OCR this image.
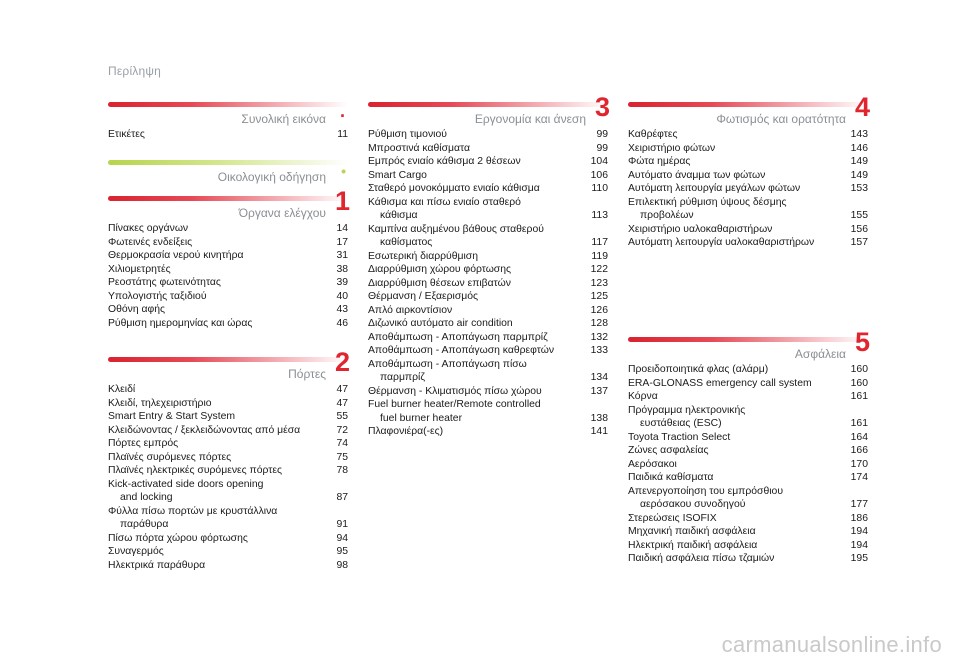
Περίληψη
Συνολική εικόνα .
Ετικέτες	11
Οικολογική οδήγηση •
Όργανα ελέγχου 1
Πίνακες οργάνων	14
Φωτεινές ενδείξεις	17
Θερμοκρασία νερού κινητήρα	31
Χιλιομετρητές	38
Ρεοστάτης φωτεινότητας	39
Υπολογιστής ταξιδιού	40
Οθόνη αφής	43
Ρύθμιση ημερομηνίας και ώρας	46
Πόρτες 2
Κλειδί	47
Κλειδί, τηλεχειριστήριο	47
Smart Entry & Start System	55
Κλειδώνοντας / ξεκλειδώνοντας από μέσα	72
Πόρτες εμπρός	74
Πλαϊνές συρόμενες πόρτες	75
Πλαϊνές ηλεκτρικές συρόμενες πόρτες	78
Kick-activated side doors opening
and locking	87
Φύλλα πίσω πορτών με κρυστάλλινα
παράθυρα	91
Πίσω πόρτα χώρου φόρτωσης	94
Συναγερμός	95
Ηλεκτρικά παράθυρα	98
Εργονομία και άνεση 3
Ρύθμιση τιμονιού	99
Μπροστινά καθίσματα	99
Εμπρός ενιαίο κάθισμα 2 θέσεων	104
Smart Cargo	106
Σταθερό μονοκόμματο ενιαίο κάθισμα	110
Κάθισμα και πίσω ενιαίο σταθερό
κάθισμα	113
Καμπίνα αυξημένου βάθους σταθερού
καθίσματος	117
Εσωτερική διαρρύθμιση	119
Διαρρύθμιση χώρου φόρτωσης	122
Διαρρύθμιση θέσεων επιβατών	123
Θέρμανση / Εξαερισμός	125
Απλό αιρκοντίσιον	126
Διζωνικό αυτόματο air condition	128
Αποθάμπωση - Απoπάγωση παρμπρίζ	132
Αποθάμπωση - Απoπάγωση καθρεφτών	133
Αποθάμπωση - Απoπάγωση πίσω
παρμπρίζ	134
Θέρμανση - Κλιματισμός πίσω χώρου	137
Fuel burner heater/Remote controlled
fuel burner heater	138
Πλαφονιέρα(-ες)	141
Φωτισμός και ορατότητα 4
Καθρέφτες	143
Χειριστήριο φώτων	146
Φώτα ημέρας	149
Αυτόματο άναμμα των φώτων	149
Αυτόματη λειτουργία μεγάλων φώτων	153
Επιλεκτική ρύθμιση ύψους δέσμης
προβολέων	155
Χειριστήριο υαλοκαθαριστήρων	156
Αυτόματη λειτουργία υαλοκαθαριστήρων	157
Ασφάλεια 5
Προειδοποιητικά φλας (αλάρμ)	160
ERA-GLONASS emergency call system	160
Κόρνα	161
Πρόγραμμα ηλεκτρονικής
ευστάθειας (ESC)	161
Toyota Traction Select	164
Ζώνες ασφαλείας	166
Αερόσακοι	170
Παιδικά καθίσματα	174
Απενεργοποίηση του εμπρόσθιου
αερόσακου συνοδηγού	177
Στερεώσεις ISOFIX	186
Μηχανική παιδική ασφάλεια	194
Ηλεκτρική παιδική ασφάλεια	194
Παιδική ασφάλεια πίσω τζαμιών	195
carmanualsonline.info
